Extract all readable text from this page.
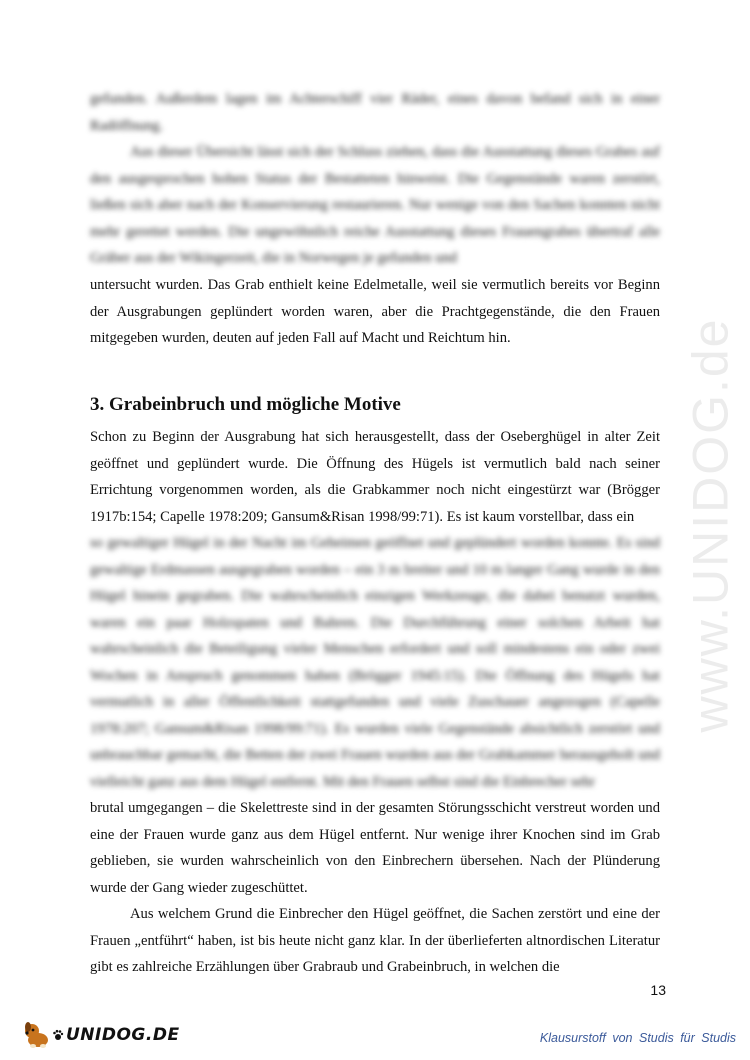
gefunden. Außerdem lagen im Achterschiff vier Räder, eines davon befand sich in einer Radöffnung.

Aus dieser Übersicht lässt sich der Schluss ziehen, dass die Ausstattung dieses Grabes auf den ausgesprochen hohen Status der Bestatteten hinweist. Die Gegenstände waren zerstört, ließen sich aber nach der Konservierung restaurieren. Nur wenige von den Sachen konnten nicht mehr gerettet werden. Die ungewöhnlich reiche Ausstattung dieses Frauengrabes übertraf alle Gräber aus der Wikingerzeit, die in Norwegen je gefunden und

untersucht wurden. Das Grab enthielt keine Edelmetalle, weil sie vermutlich bereits vor Beginn der Ausgrabungen geplündert worden waren, aber die Prachtgegenstände, die den Frauen mitgegeben wurden, deuten auf jeden Fall auf Macht und Reichtum hin.

3. Grabeinbruch und mögliche Motive

Schon zu Beginn der Ausgrabung hat sich herausgestellt, dass der Oseberghügel in alter Zeit geöffnet und geplündert wurde. Die Öffnung des Hügels ist vermutlich bald nach seiner Errichtung vorgenommen worden, als die Grabkammer noch nicht eingestürzt war (Brögger 1917b:154; Capelle 1978:209; Gansum&Risan 1998/99:71). Es ist kaum vorstellbar, dass ein

so gewaltiger Hügel in der Nacht im Geheimen geöffnet und geplündert worden konnte. Es sind gewaltige Erdmassen ausgegraben worden – ein 3 m breiter und 10 m langer Gang wurde in den Hügel hinein gegraben. Die wahrscheinlich einzigen Werkzeuge, die dabei benutzt wurden, waren ein paar Holzspaten und Bahren. Die Durchführung einer solchen Arbeit hat wahrscheinlich die Beteiligung vieler Menschen erfordert und soll mindestens ein oder zwei Wochen in Anspruch genommen haben (Brögger 1945:15). Die Öffnung des Hügels hat vermutlich in aller Öffentlichkeit stattgefunden und viele Zuschauer angezogen (Capelle 1978:207; Gansum&Risan 1998/99:71). Es wurden viele Gegenstände absichtlich zerstört und unbrauchbar gemacht, die Betten der zwei Frauen wurden aus der Grabkammer herausgeholt und vielleicht ganz aus dem Hügel entfernt. Mit den Frauen selbst sind die Einbrecher sehr

brutal umgegangen – die Skelettreste sind in der gesamten Störungsschicht verstreut worden und eine der Frauen wurde ganz aus dem Hügel entfernt. Nur wenige ihrer Knochen sind im Grab geblieben, sie wurden wahrscheinlich von den Einbrechern übersehen. Nach der Plünderung wurde der Gang wieder zugeschüttet.

Aus welchem Grund die Einbrecher den Hügel geöffnet, die Sachen zerstört und eine der Frauen „entführt“ haben, ist bis heute nicht ganz klar. In der überlieferten altnordischen Literatur gibt es zahlreiche Erzählungen über Grabraub und Grabeinbruch, in welchen die

13
www.UNIDOG.de
UNIDOG.DE	Klausurstoff von Studis für Studis
